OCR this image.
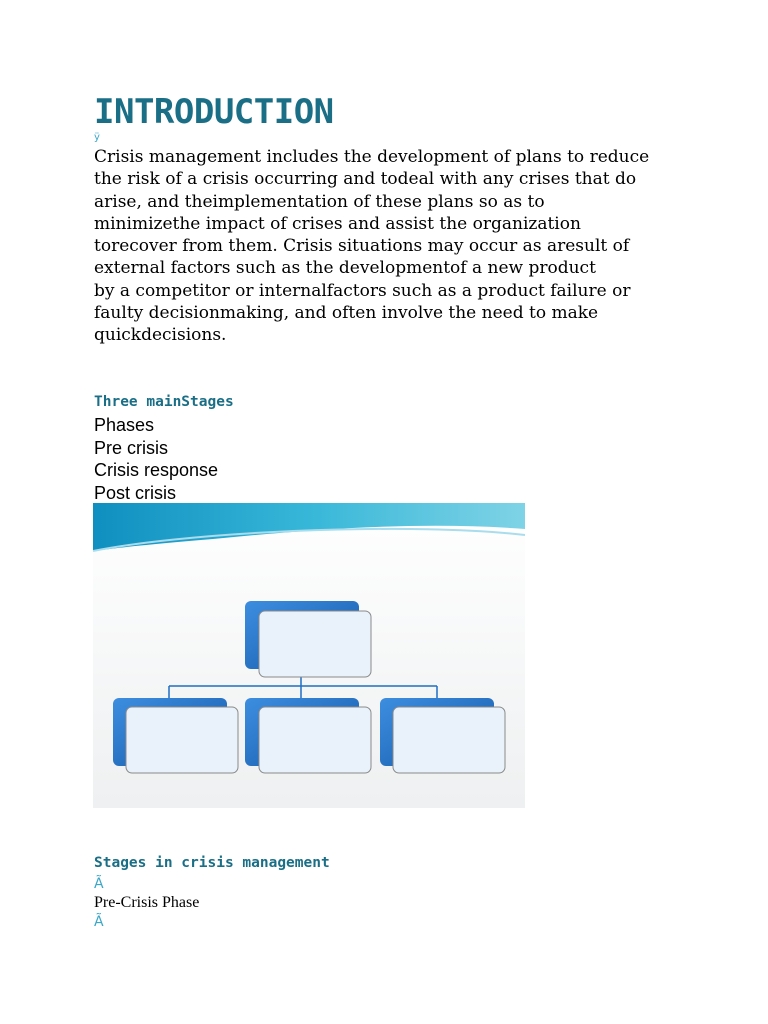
INTRODUCTION
ÿ
Crisis management includes the development of plans to reduce
the risk of a crisis occurring and todeal with any crises that do
arise, and theimplementation of these plans so as to
minimizethe impact of crises and assist the organization
torecover from them. Crisis situations may occur as aresult of
external factors such as the developmentof a new product
by a competitor or internalfactors such as a product failure or
faulty decisionmaking, and often involve the need to make
quickdecisions.
Three mainStages
Phases
Pre crisis
Crisis response
Post crisis
Stages in crisis management
Ã

Pre-Crisis Phase

Ã
